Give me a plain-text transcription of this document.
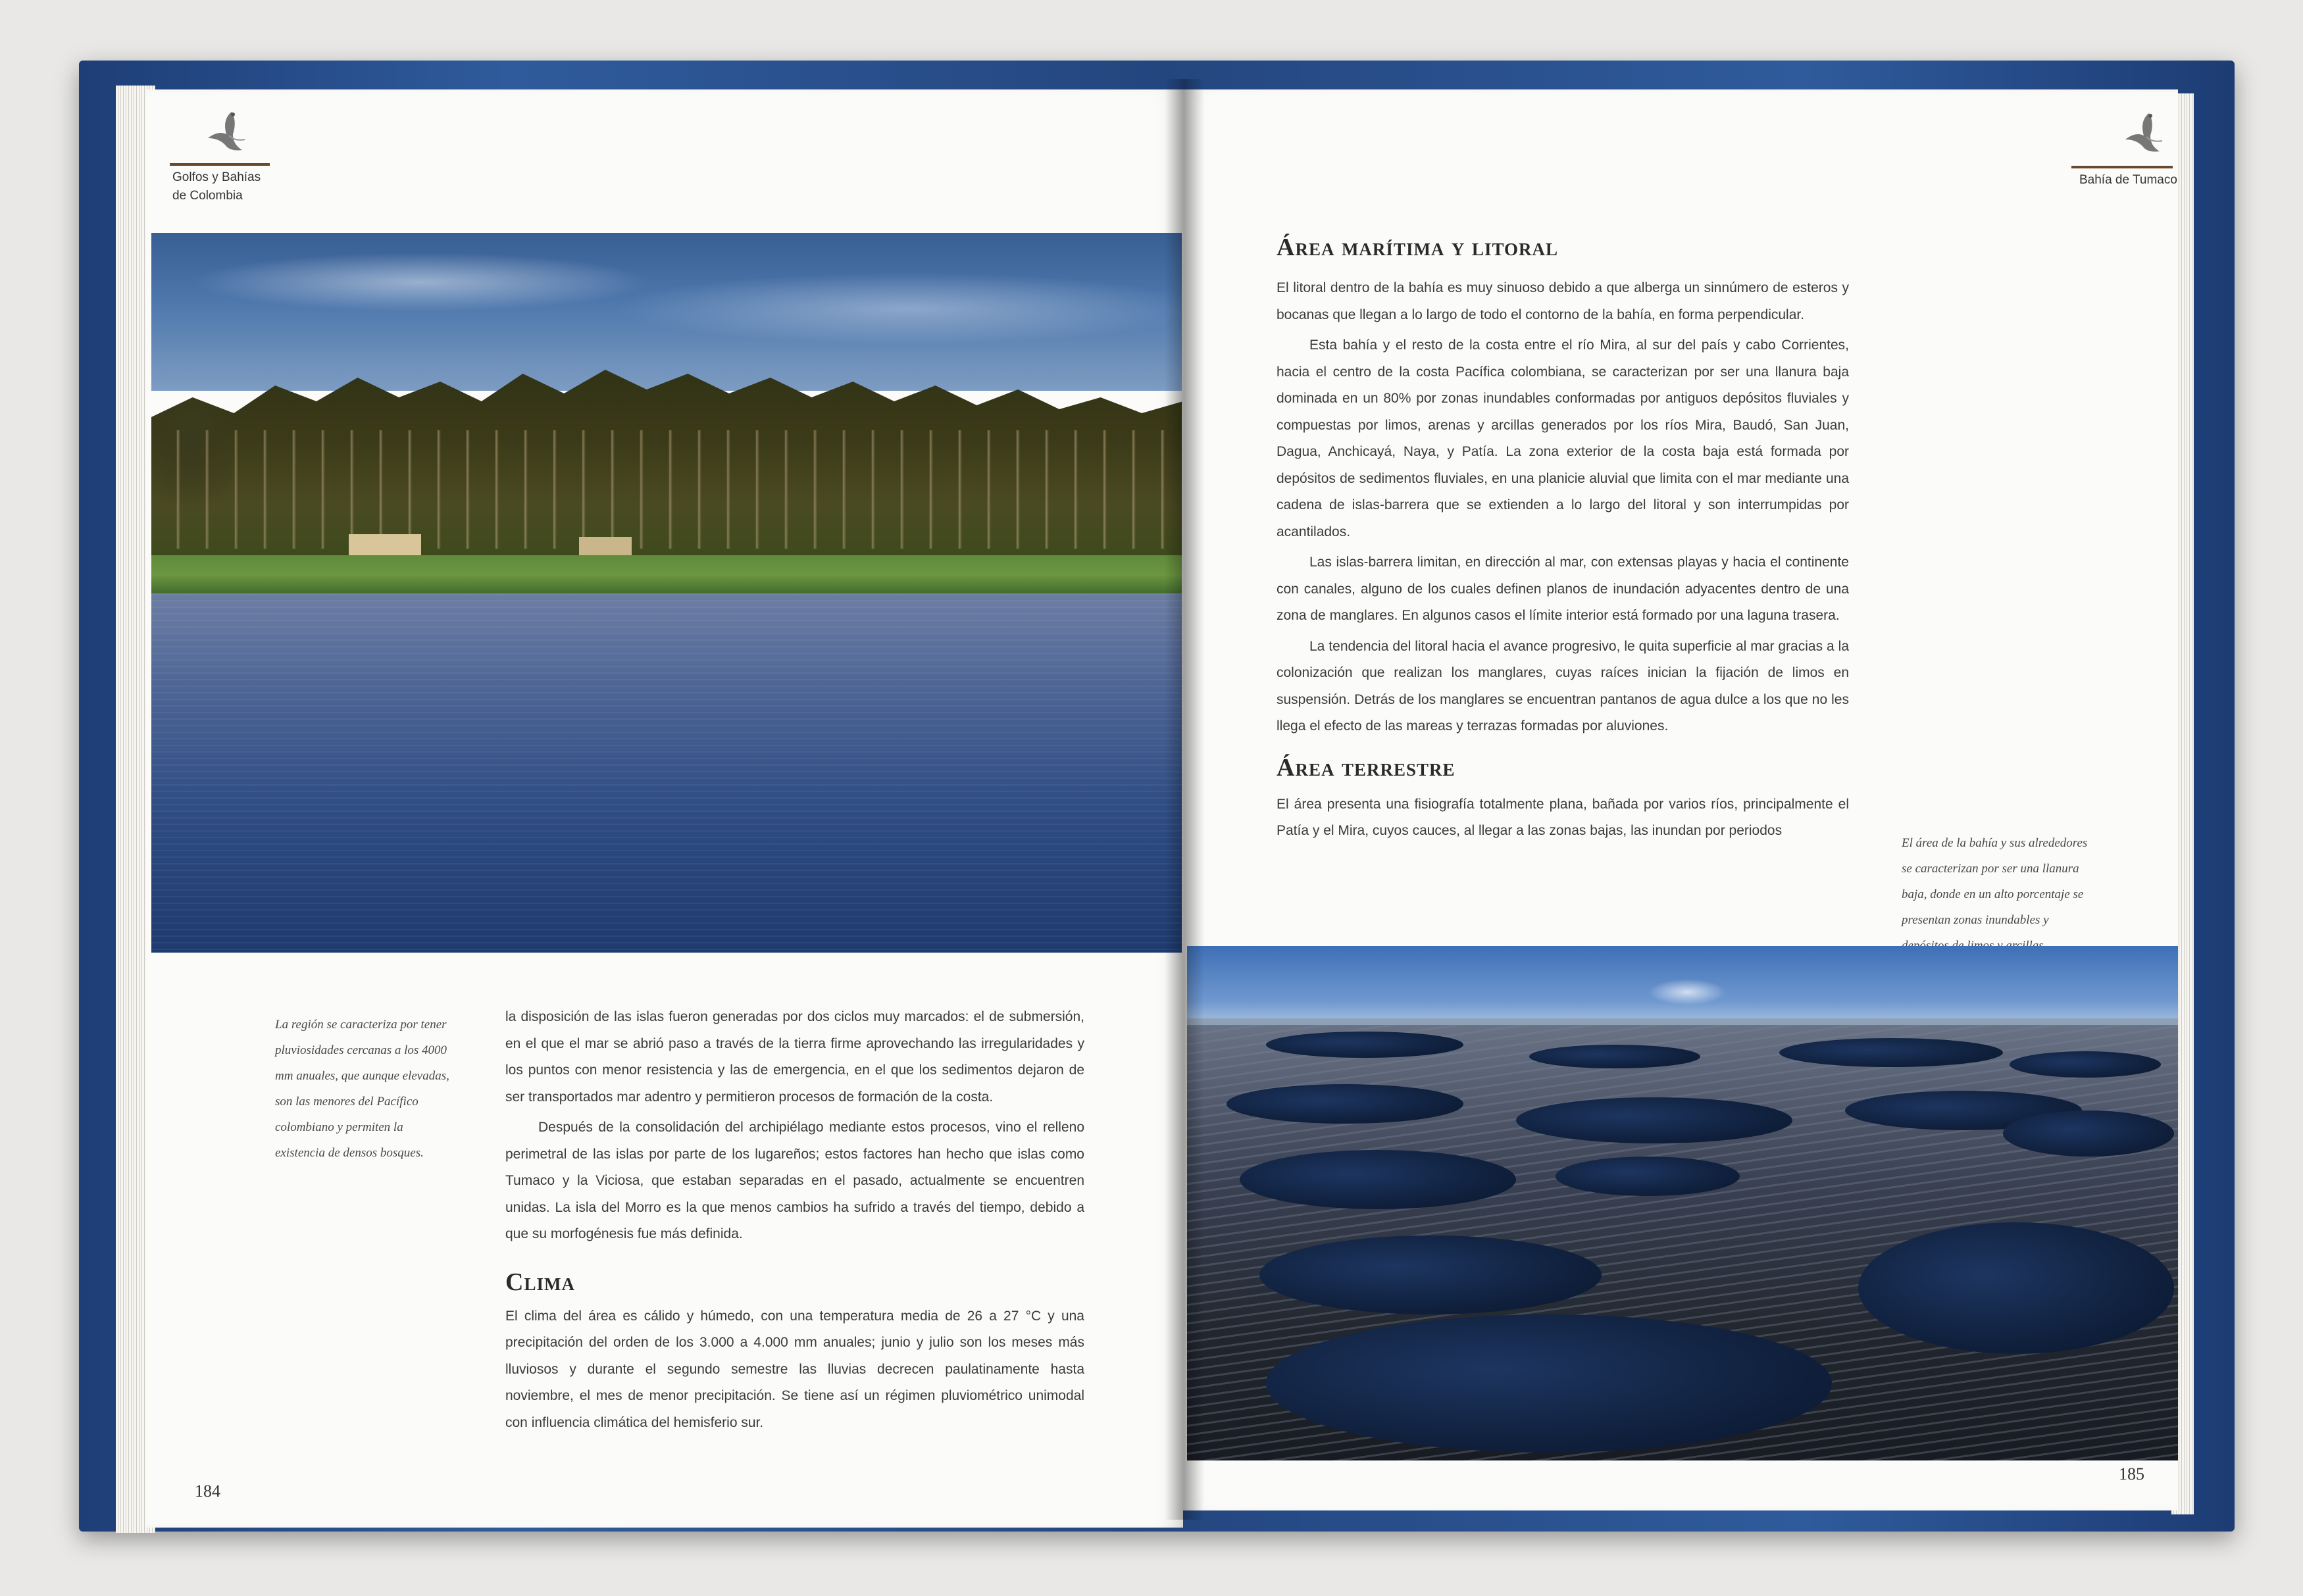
Golfos y Bahías
de Colombia

La región se caracteriza por tener pluviosidades cercanas a los 4000 mm anuales, que aunque elevadas, son las menores del Pacífico colombiano y permiten la existencia de densos bosques.

la disposición de las islas fueron generadas por dos ciclos muy marcados: el de submersión, en el que el mar se abrió paso a través de la tierra firme aprovechando las irregularidades y los puntos con menor resistencia y las de emergencia, en el que los sedimentos dejaron de ser transportados mar adentro y permitieron procesos de formación de la costa.

Después de la consolidación del archipiélago mediante estos procesos, vino el relleno perimetral de las islas por parte de los lugareños; estos factores han hecho que islas como Tumaco y la Viciosa, que estaban separadas en el pasado, actualmente se encuentren unidas. La isla del Morro es la que menos cambios ha sufrido a través del tiempo, debido a que su morfogénesis fue más definida.

Clima

El clima del área es cálido y húmedo, con una temperatura media de 26 a 27 °C y una precipitación del orden de los 3.000 a 4.000 mm anuales; junio y julio son los meses más lluviosos y durante el segundo semestre las lluvias decrecen paulatinamente hasta noviembre, el mes de menor precipitación. Se tiene así un régimen pluviométrico unimodal con influencia climática del hemisferio sur.

184
Bahía de Tumaco
Área marítima y litoral

El litoral dentro de la bahía es muy sinuoso debido a que alberga un sinnúmero de esteros y bocanas que llegan a lo largo de todo el contorno de la bahía, en forma perpendicular.

Esta bahía y el resto de la costa entre el río Mira, al sur del país y cabo Corrientes, hacia el centro de la costa Pacífica colombiana, se caracterizan por ser una llanura baja dominada en un 80% por zonas inundables conformadas por antiguos depósitos fluviales y compuestas por limos, arenas y arcillas generados por los ríos Mira, Baudó, San Juan, Dagua, Anchicayá, Naya, y Patía. La zona exterior de la costa baja está formada por depósitos de sedimentos fluviales, en una planicie aluvial que limita con el mar mediante una cadena de islas-barrera que se extienden a lo largo del litoral y son interrumpidas por acantilados.

Las islas-barrera limitan, en dirección al mar, con extensas playas y hacia el continente con canales, alguno de los cuales definen planos de inundación adyacentes dentro de una zona de manglares. En algunos casos el límite interior está formado por una laguna trasera.

La tendencia del litoral hacia el avance progresivo, le quita superficie al mar gracias a la colonización que realizan los manglares, cuyas raíces inician la fijación de limos en suspensión. Detrás de los manglares se encuentran pantanos de agua dulce a los que no les llega el efecto de las mareas y terrazas formadas por aluviones.

Área terrestre

El área presenta una fisiografía totalmente plana, bañada por varios ríos, principalmente el Patía y el Mira, cuyos cauces, al llegar a las zonas bajas, las inundan por periodos

El área de la bahía y sus alrededores se caracterizan por ser una llanura baja, donde en un alto porcentaje se presentan zonas inundables y

185
